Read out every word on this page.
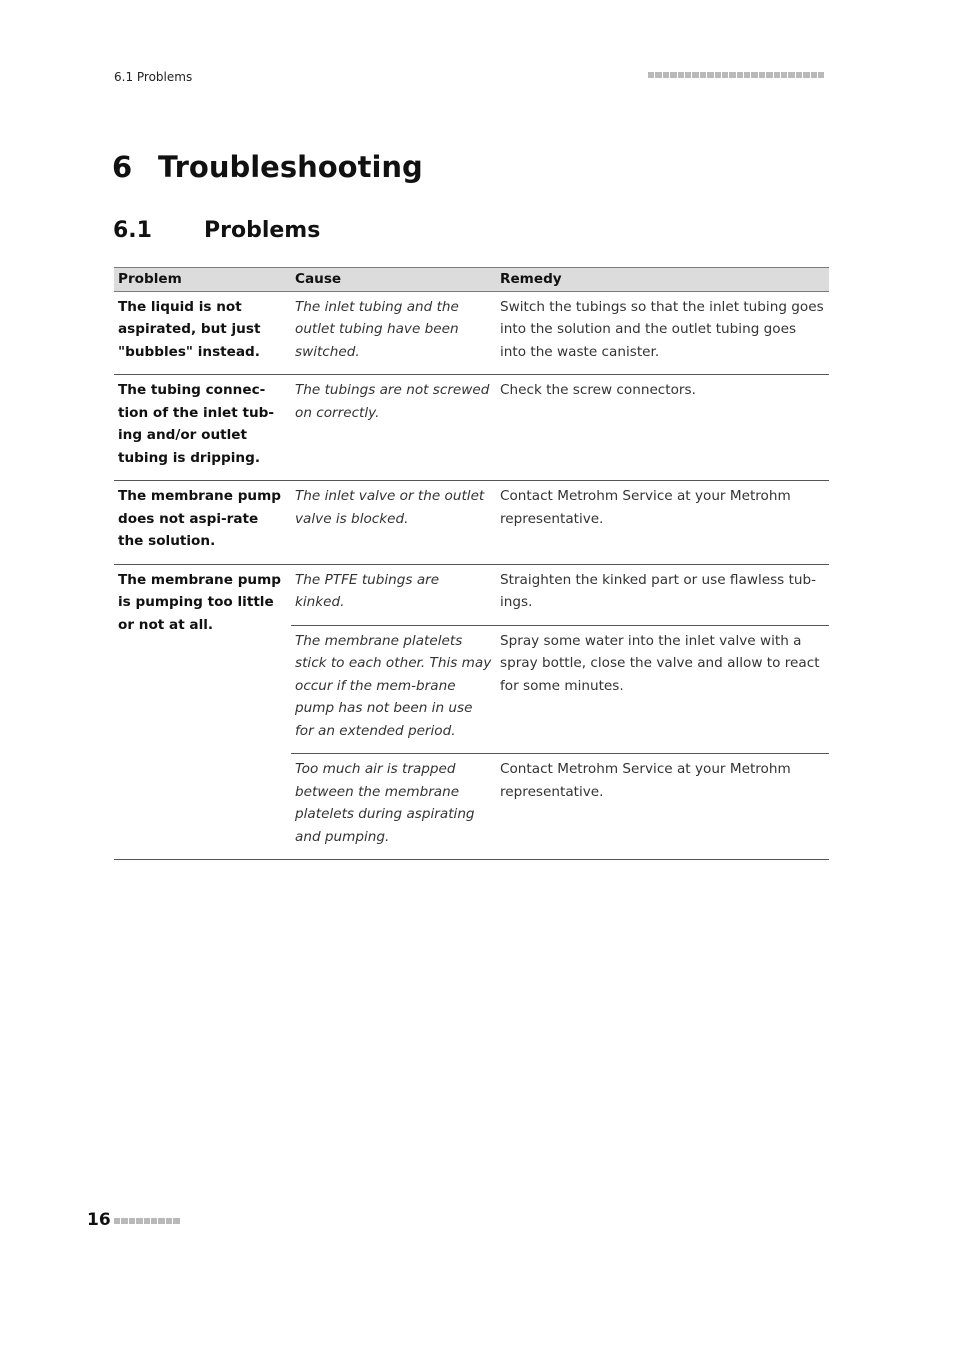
6.1 Problems
6 Troubleshooting
6.1	Problems
Problem	Cause	Remedy
The liquid is not aspirated, but just "bubbles" instead.	The inlet tubing and the outlet tubing have been switched.	Switch the tubings so that the inlet tubing goes into the solution and the outlet tubing goes into the waste canister.
The tubing connec-tion of the inlet tub-ing and/or outlet tubing is dripping.	The tubings are not screwed on correctly.	Check the screw connectors.
The membrane pump does not aspi-rate the solution.	The inlet valve or the outlet valve is blocked.	Contact Metrohm Service at your Metrohm representative.
The membrane pump is pumping too little or not at all.	The PTFE tubings are kinked.	Straighten the kinked part or use flawless tub-ings.
	The membrane platelets stick to each other. This may occur if the mem-brane pump has not been in use for an extended period.	Spray some water into the inlet valve with a spray bottle, close the valve and allow to react for some minutes.
	Too much air is trapped between the membrane platelets during aspirating and pumping.	Contact Metrohm Service at your Metrohm representative.
16
